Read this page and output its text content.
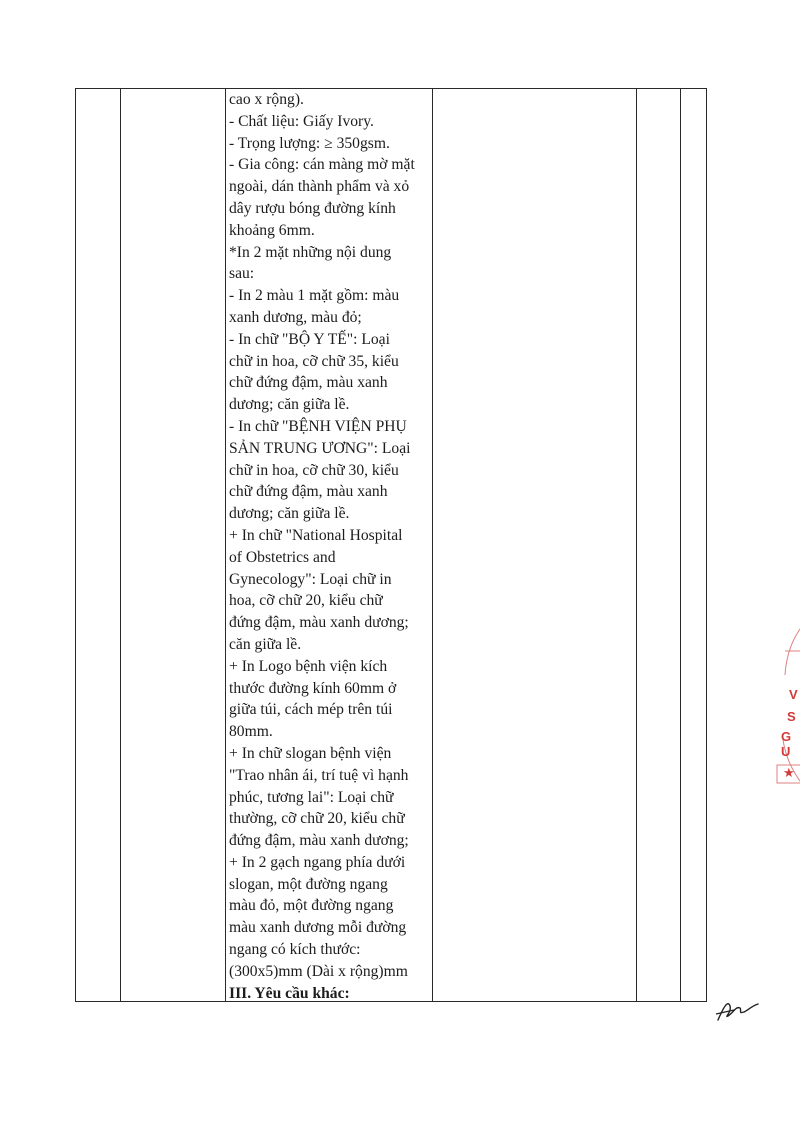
cao x rộng).
- Chất liệu: Giấy Ivory.
- Trọng lượng: ≥ 350gsm.
- Gia công: cán màng mờ mặt
ngoài, dán thành phẩm và xỏ
dây rượu bóng đường kính
khoảng 6mm.
*In 2 mặt những nội dung
sau:
- In 2 màu 1 mặt gồm: màu
xanh dương, màu đỏ;
- In chữ "BỘ Y TẾ": Loại
chữ in hoa, cỡ chữ 35, kiểu
chữ đứng đậm, màu xanh
dương; căn giữa lề.
- In chữ "BỆNH VIỆN PHỤ
SẢN TRUNG ƯƠNG": Loại
chữ in hoa, cỡ chữ 30, kiểu
chữ đứng đậm, màu xanh
dương; căn giữa lề.
+ In chữ "National Hospital
of Obstetrics and
Gynecology": Loại chữ in
hoa, cỡ chữ 20, kiểu chữ
đứng đậm, màu xanh dương;
căn giữa lề.
+ In Logo bệnh viện kích
thước đường kính 60mm ở
giữa túi, cách mép trên túi
80mm.
+ In chữ slogan bệnh viện
"Trao nhân ái, trí tuệ vì hạnh
phúc, tương lai": Loại chữ
thường, cỡ chữ 20, kiểu chữ
đứng đậm, màu xanh dương;
+ In 2 gạch ngang phía dưới
slogan, một đường ngang
màu đỏ, một đường ngang
màu xanh dương mỗi đường
ngang có kích thước:
(300x5)mm (Dài x rộng)mm
III. Yêu cầu khác:
V
S
G U
★
